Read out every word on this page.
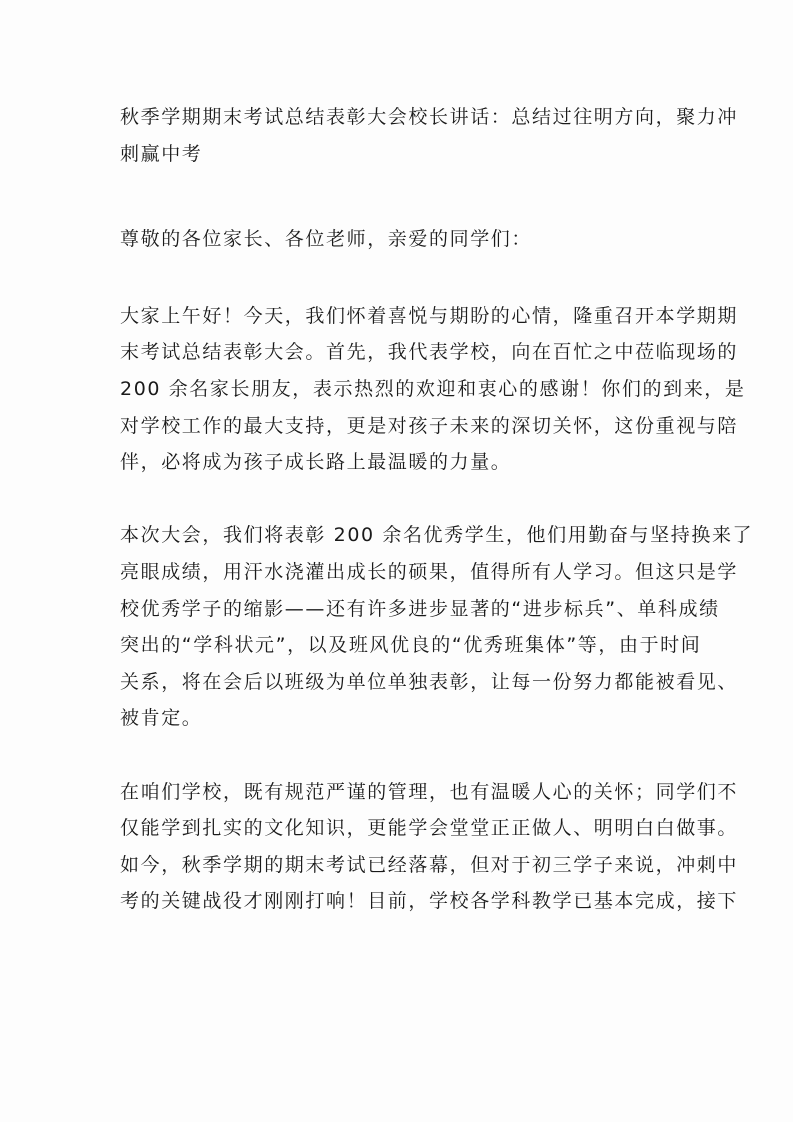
秋季学期期末考试总结表彰大会校长讲话：总结过往明方向，聚力冲
刺赢中考
尊敬的各位家长、各位老师，亲爱的同学们：
大家上午好！今天，我们怀着喜悦与期盼的心情，隆重召开本学期期
末考试总结表彰大会。首先，我代表学校，向在百忙之中莅临现场的
200 余名家长朋友，表示热烈的欢迎和衷心的感谢！你们的到来，是
对学校工作的最大支持，更是对孩子未来的深切关怀，这份重视与陪
伴，必将成为孩子成长路上最温暖的力量。
本次大会，我们将表彰 200 余名优秀学生，他们用勤奋与坚持换来了
亮眼成绩，用汗水浇灌出成长的硕果，值得所有人学习。但这只是学
校优秀学子的缩影——还有许多进步显著的“进步标兵”、单科成绩
突出的“学科状元”，以及班风优良的“优秀班集体”等，由于时间
关系，将在会后以班级为单位单独表彰，让每一份努力都能被看见、
被肯定。
在咱们学校，既有规范严谨的管理，也有温暖人心的关怀；同学们不
仅能学到扎实的文化知识，更能学会堂堂正正做人、明明白白做事。
如今，秋季学期的期末考试已经落幕，但对于初三学子来说，冲刺中
考的关键战役才刚刚打响！目前，学校各学科教学已基本完成，接下
